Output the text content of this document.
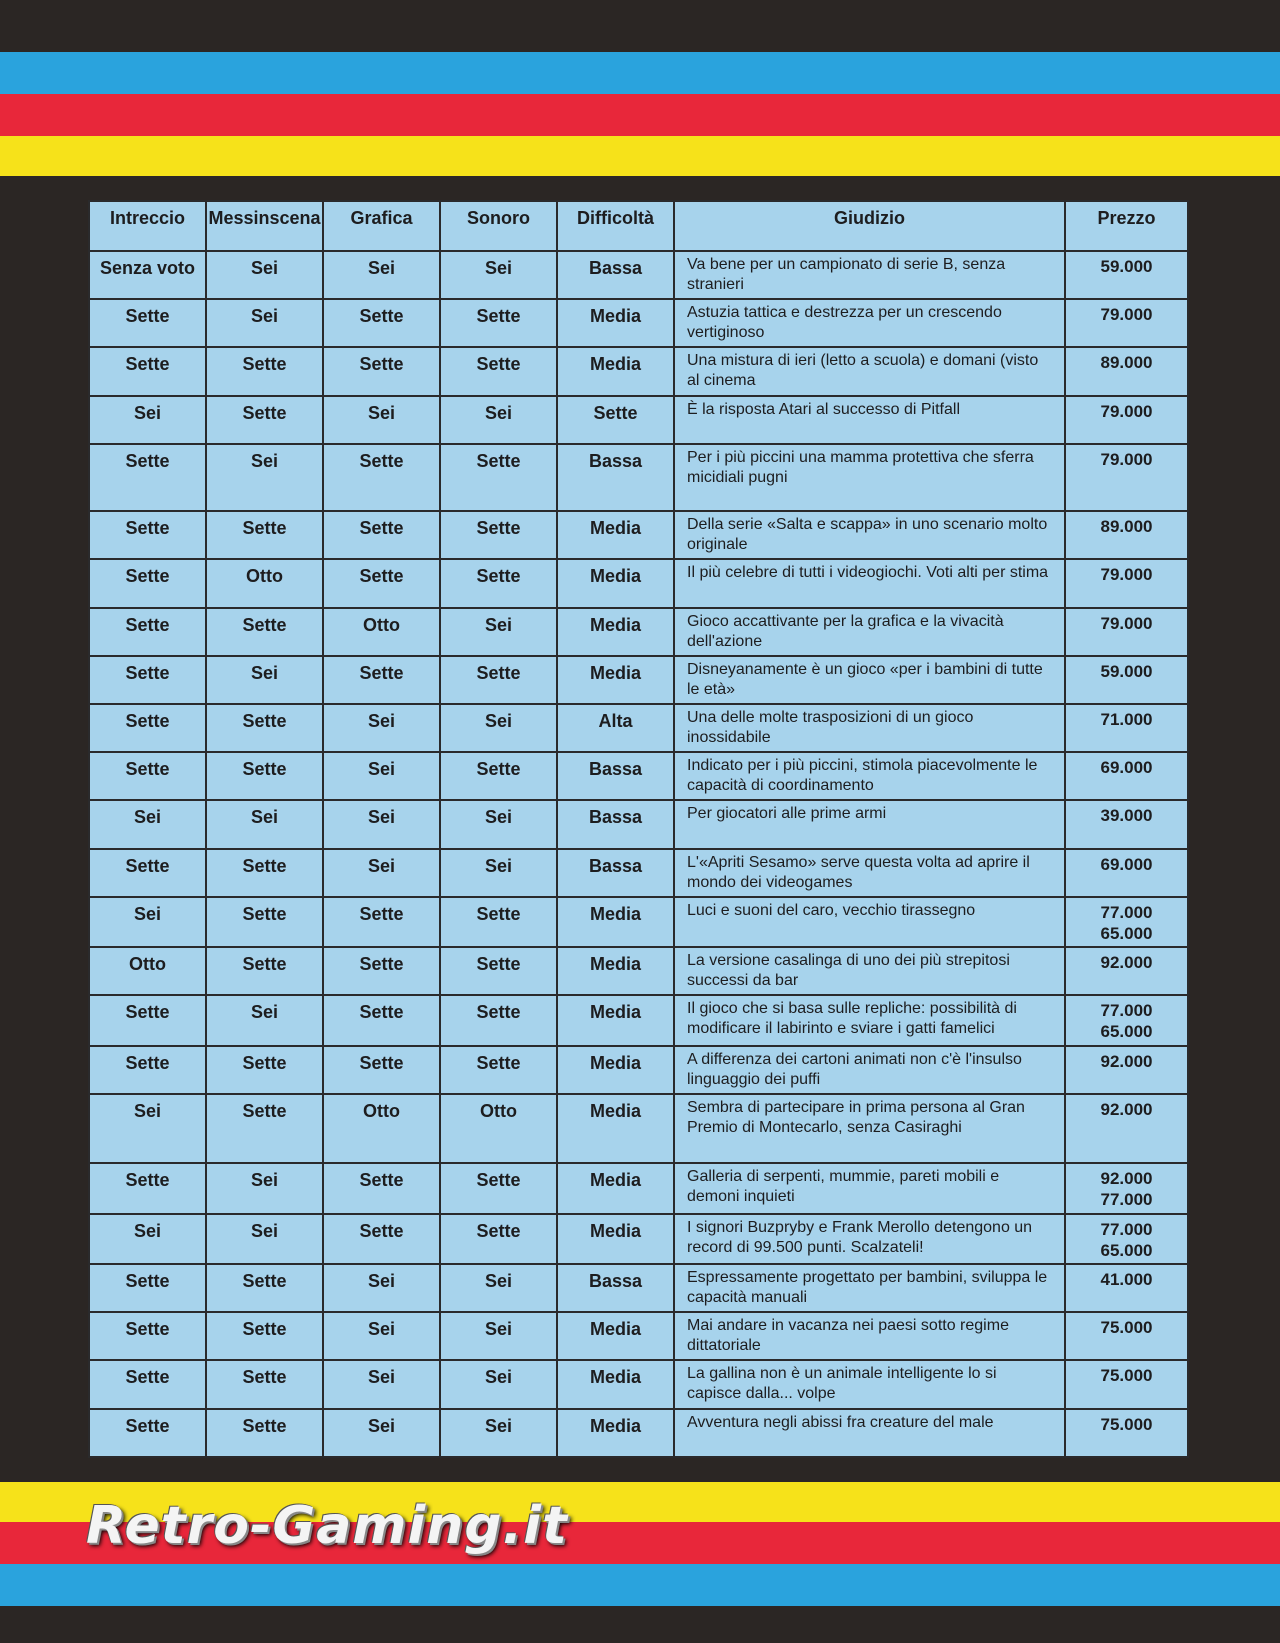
Intreccio	Messinscena	Grafica	Sonoro	Difficoltà	Giudizio	Prezzo
Senza voto	Sei	Sei	Sei	Bassa	Va bene per un campionato di serie B, senza stranieri	59.000

Sette	Sei	Sette	Sette	Media	Astuzia tattica e destrezza per un crescendo vertiginoso	79.000

Sette	Sette	Sette	Sette	Media	Una mistura di ieri (letto a scuola) e domani (visto al cinema	89.000

Sei	Sette	Sei	Sei	Sette	È la risposta Atari al successo di Pitfall	79.000

Sette	Sei	Sette	Sette	Bassa	Per i più piccini una mamma protettiva che sferra micidiali pugni	79.000

Sette	Sette	Sette	Sette	Media	Della serie «Salta e scappa» in uno scenario molto originale	89.000

Sette	Otto	Sette	Sette	Media	Il più celebre di tutti i videogiochi. Voti alti per stima	79.000

Sette	Sette	Otto	Sei	Media	Gioco accattivante per la grafica e la vivacità dell'azione	79.000

Sette	Sei	Sette	Sette	Media	Disneyanamente è un gioco «per i bambini di tutte le età»	59.000

Sette	Sette	Sei	Sei	Alta	Una delle molte trasposizioni di un gioco inossidabile	71.000

Sette	Sette	Sei	Sette	Bassa	Indicato per i più piccini, stimola piacevolmente le capacità di coordinamento	69.000

Sei	Sei	Sei	Sei	Bassa	Per giocatori alle prime armi	39.000

Sette	Sette	Sei	Sei	Bassa	L'«Apriti Sesamo» serve questa volta ad aprire il mondo dei videogames	69.000

Sei	Sette	Sette	Sette	Media	Luci e suoni del caro, vecchio tirassegno	77.000
65.000

Otto	Sette	Sette	Sette	Media	La versione casalinga di uno dei più strepitosi successi da bar	92.000

Sette	Sei	Sette	Sette	Media	Il gioco che si basa sulle repliche: possibilità di modificare il labirinto e sviare i gatti famelici	77.000
65.000

Sette	Sette	Sette	Sette	Media	A differenza dei cartoni animati non c'è l'insulso linguaggio dei puffi	92.000

Sei	Sette	Otto	Otto	Media	Sembra di partecipare in prima persona al Gran Premio di Montecarlo, senza Casiraghi	92.000

Sette	Sei	Sette	Sette	Media	Galleria di serpenti, mummie, pareti mobili e demoni inquieti	92.000
77.000

Sei	Sei	Sette	Sette	Media	I signori Buzpryby e Frank Merollo detengono un record di 99.500 punti. Scalzateli!	77.000
65.000

Sette	Sette	Sei	Sei	Bassa	Espressamente progettato per bambini, sviluppa le capacità manuali	41.000

Sette	Sette	Sei	Sei	Media	Mai andare in vacanza nei paesi sotto regime dittatoriale	75.000

Sette	Sette	Sei	Sei	Media	La gallina non è un animale intelligente lo si capisce dalla... volpe	75.000

Sette	Sette	Sei	Sei	Media	Avventura negli abissi fra creature del male	75.000
Retro-Gaming.it
